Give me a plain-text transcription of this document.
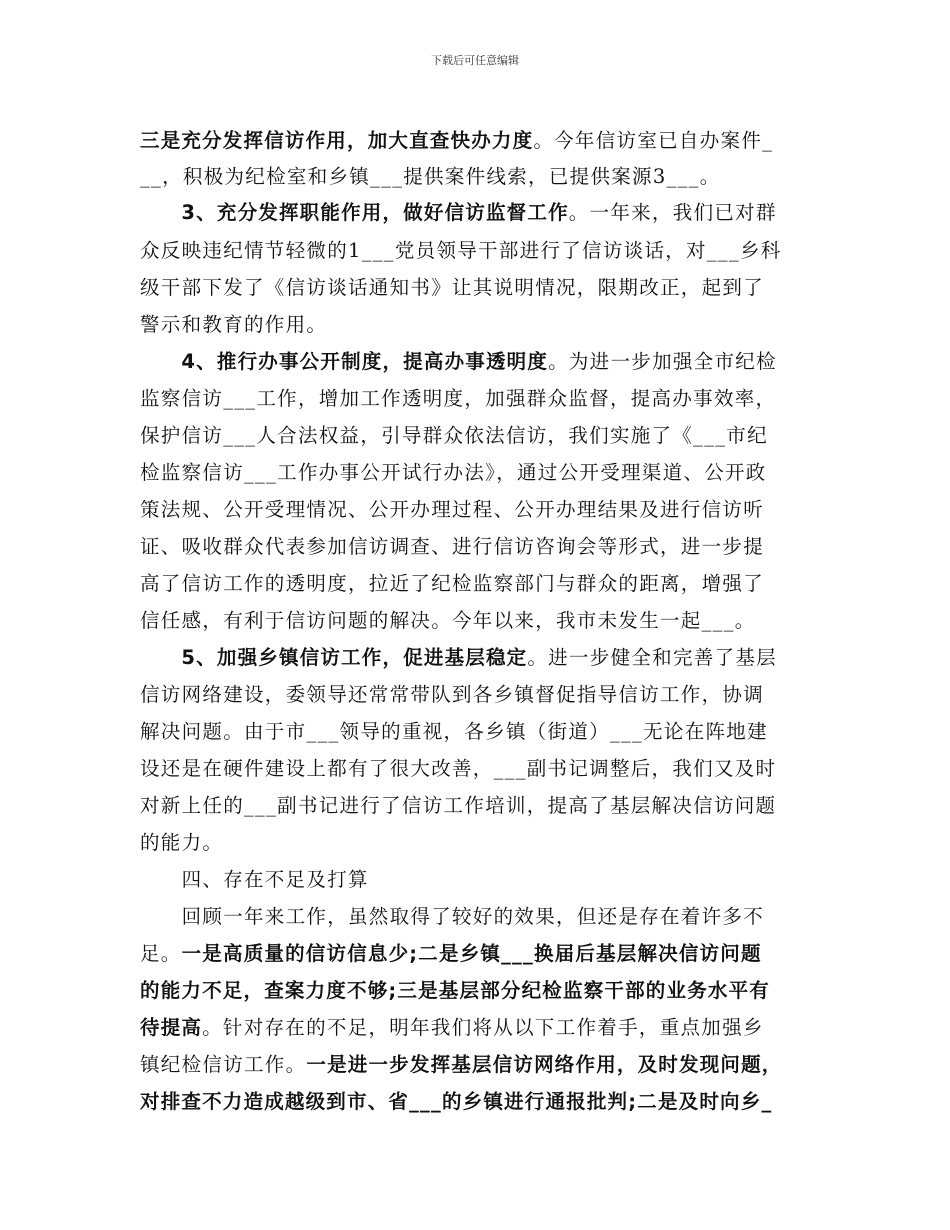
下载后可任意编辑
三是充分发挥信访作用，加大直查快办力度。今年信访室已自办案件_
__，积极为纪检室和乡镇___提供案件线索，已提供案源3___。
　　3、充分发挥职能作用，做好信访监督工作。一年来，我们已对群
众反映违纪情节轻微的1___党员领导干部进行了信访谈话，对___乡科
级干部下发了《信访谈话通知书》让其说明情况，限期改正，起到了
警示和教育的作用。
　　4、推行办事公开制度，提高办事透明度。为进一步加强全市纪检
监察信访___工作，增加工作透明度，加强群众监督，提高办事效率，
保护信访___人合法权益，引导群众依法信访，我们实施了《___市纪
检监察信访___工作办事公开试行办法》，通过公开受理渠道、公开政
策法规、公开受理情况、公开办理过程、公开办理结果及进行信访听
证、吸收群众代表参加信访调查、进行信访咨询会等形式，进一步提
高了信访工作的透明度，拉近了纪检监察部门与群众的距离，增强了
信任感，有利于信访问题的解决。今年以来，我市未发生一起___。
　　5、加强乡镇信访工作，促进基层稳定。进一步健全和完善了基层
信访网络建设，委领导还常常带队到各乡镇督促指导信访工作，协调
解决问题。由于市___领导的重视，各乡镇（街道）___无论在阵地建
设还是在硬件建设上都有了很大改善，___副书记调整后，我们又及时
对新上任的___副书记进行了信访工作培训，提高了基层解决信访问题
的能力。
　　四、存在不足及打算
　　回顾一年来工作，虽然取得了较好的效果，但还是存在着许多不
足。一是高质量的信访信息少;二是乡镇___换届后基层解决信访问题
的能力不足，查案力度不够;三是基层部分纪检监察干部的业务水平有
待提高。针对存在的不足，明年我们将从以下工作着手，重点加强乡
镇纪检信访工作。一是进一步发挥基层信访网络作用，及时发现问题，
对排查不力造成越级到市、省___的乡镇进行通报批判;二是及时向乡_
